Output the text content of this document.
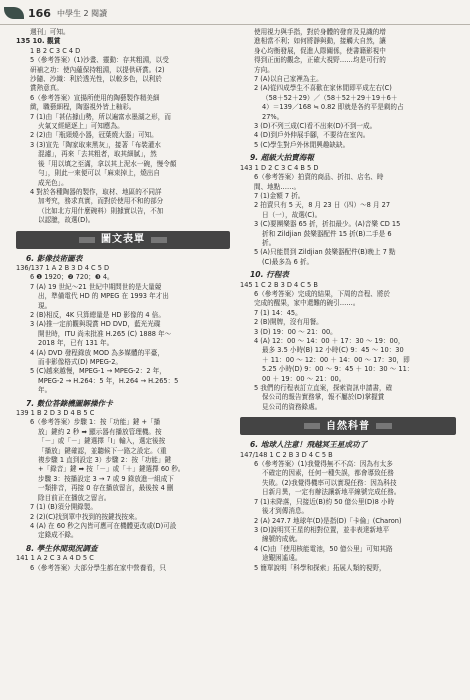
166 中學生 2 閱讀
週刊」可知。
135 10. 觀賞
1 B 2 C 3 C 4 D
5（參考答案）(1)沙畫、靈動：存其粗淵，以受
研補之功：使內蘊保持粗淵，以提供研賞。(2)
沙隨、沙織：利於透光性，以較多色，以利於
賞熱意真。
6（參考答案）宣揚所使用的陶藝製作精美細
緻，職藝細程，陶器視外皆上釉彩。
7 (1)由「甚佔據山勢，所以遍富水墨湖之形，而
火氣又經絕逐上」可知應為。
2 (2)由「瓶頸燒小器，冠葉燒大器」可知。
3 (3)宣先「陶家取來黑灰」，接著「布裝灌水
混濾」，再來「去其粗者，取其細腻」，然
後「用以填之至滿，拿以其上泥水一碗，慢令顏
勻」，則此一來便可以「麻束掉上，燒出自
成光色」。
4 對於各種陶器的製作，取材、地區的不同詳
加考究，務求真實，而對於使用不和的部分
（比如北方用什麼碗料）則據實以告，不加
以認臆，故選(D)。
圖文表單
6. 影像技術圖表
136/137 1 A 2 B 3 D 4 C 5 D
6 ❶ 1920；❷ 720；❸ 4。
7 (A) 19 世紀～21 世紀中期問世的是大量競
出，準備電代 HD 的 MPEG 在 1993 年才出
現。
2 (B)相反，4K 只算總量是 HD 影像的 4 倍。
3 (A)推一定前觀與現賞 HD DVD，藍光光碟
開世時，ITU 尚未批准 H.265 (C) 1888 年～
2018 年，已有 131 年。
4 (A) DVD 發程錄放 MOD 為多媒體的平臺，
而非影像格式(D) MPEG-2。
5 (C)越來越慢，MPEG-1 → MPEG-2：2 年，
MPEG-2 → H.264：5 年，H.264 → H.265：5
年。
7. 數位答錄機圖解操作卡
139 1 B 2 D 3 D 4 B 5 C
6（參考答案）步驟 1：按「功能」鍵 +「播
放」鍵約 2 秒 ➡ 顯示器有播放管理機。按
「－」或「－」鍵選擇「I」輸入，選定後按
「播放」鍵確認，並聽候下一路之設定。（重
複步驟 1 直到設定 3）步驟 2：按「功能」鍵
+「錄音」鍵 ➡ 按「－」或「＋」鍵選擇 60 秒。
步驟 3：按播設定 3 → 7 或 9 錄放進一組成下
一類排音，再接 0 存在播放留言，最後按 4 刪
除目前正在播放之留言。
7 (1) (B)須分開錄製。
2 (2)(C)找到單中找到的按鍵找按來。
4 (A) 在 60 秒之內皆可應可在機體更改或(D)可設
定錄成不錄。
8. 學生休閒現況調查
141 1 A 2 C 3 A 4 D 5 C
6（參考答案）大部分學生都在家中營養看，只
使用視力與手指，對於身體的發育及見識的增
進相當不利；如何將靜與動，接觸大自然，讓
身心均衡發展，促進人際關係，使書籍影視中
得到正面的觀念，正確大視野……均是可行的
方向。
7 (A)以自己家裡為主。
2 (A)從四成學生不喜歡在家休閒即平成左右(C)
（58＋52＋29）／（58＋52＋29＋19＋6＋
4）＝139／168 ≒ 0.82 即就是各約平是剩的占
27%。
3 (D)不列三成(C)看不出來(D)不到一成。
4 (D)到戶外伸展手腳，不要待在室內。
5 (C)學生對戶外休閒興趣缺缺。
9. 超級大拍賣海報
143 1 D 2 C 3 C 4 B 5 D
6（參考答案）拍賣的商品、折扣、店名、時
間、地點……。
7 (1)金額 7 折。
2 拍賣只有 5 天，8 月 23 日（四）～8 月 27
日（一），故選(C)。
3 (C)要團樂器 65 折，折扣最少。(A)音樂 CD 15
折和 Zildjian 鼓樂器配件 15 折(B)二手是 6
折。
5 (A)只能買到 Zildjian 鼓樂器配件(B)晚上 7 點
(C)最多為 6 折。
10. 行程表
145 1 C 2 B 3 D 4 C 5 B
6（參考答案）完成的結果，下周的音程、將於
完成的醒果，家中還難的碗引……。
7 (1) 14：45。
2 (B)開牌，沒有用餐。
3 (D) 19：00 ～ 21：00。
4 (A) 12：00 ～ 14：00 ＋ 17：30 ～ 19：00，
最多 3.5 小時(B) 12 小時(C) 9：45 ～ 10：30
＋ 11：00 ～ 12：00 ＋ 14：00 ～ 17：30，即
5.25 小時(D) 9：00 ～ 9：45 ＋ 10：30 ～ 11：
00 ＋ 19：00 ～ 21：00。
5 我們的行程表訂立直案，探索資訊申請書，確
保公司的報告實務掌，報不屬於(D)掌握賞
見公司的資務錄處。
自然科普
6. 地球人注意！飛越冥王星成功了
147/148 1 C 2 B 3 D 4 C 5 B
6（參考答案）(1)我覺得無不不高：因為有太多
不確定的因素，任何一種失誤，都會導致任務
失敗。(2)我覺得機率可以實現任務：因為科技
日新月異，一定有辦法讓新地平線號完成任務。
7 (1)未降落，只接近(B)約 50 億公里(D)8 小時
後才到傳消息。
2 (A) 247.7 地球年(D)是指(D)「卡倫」(Charon)
3 (D)說明冥王星的相對位置，並非表達新地平
線號的成就。
4 (C)由「使用核能電池，50 億公里」可知其路
途艱困遙遠。
5 簡單說明「科學和探索」拓展人類的視野，
